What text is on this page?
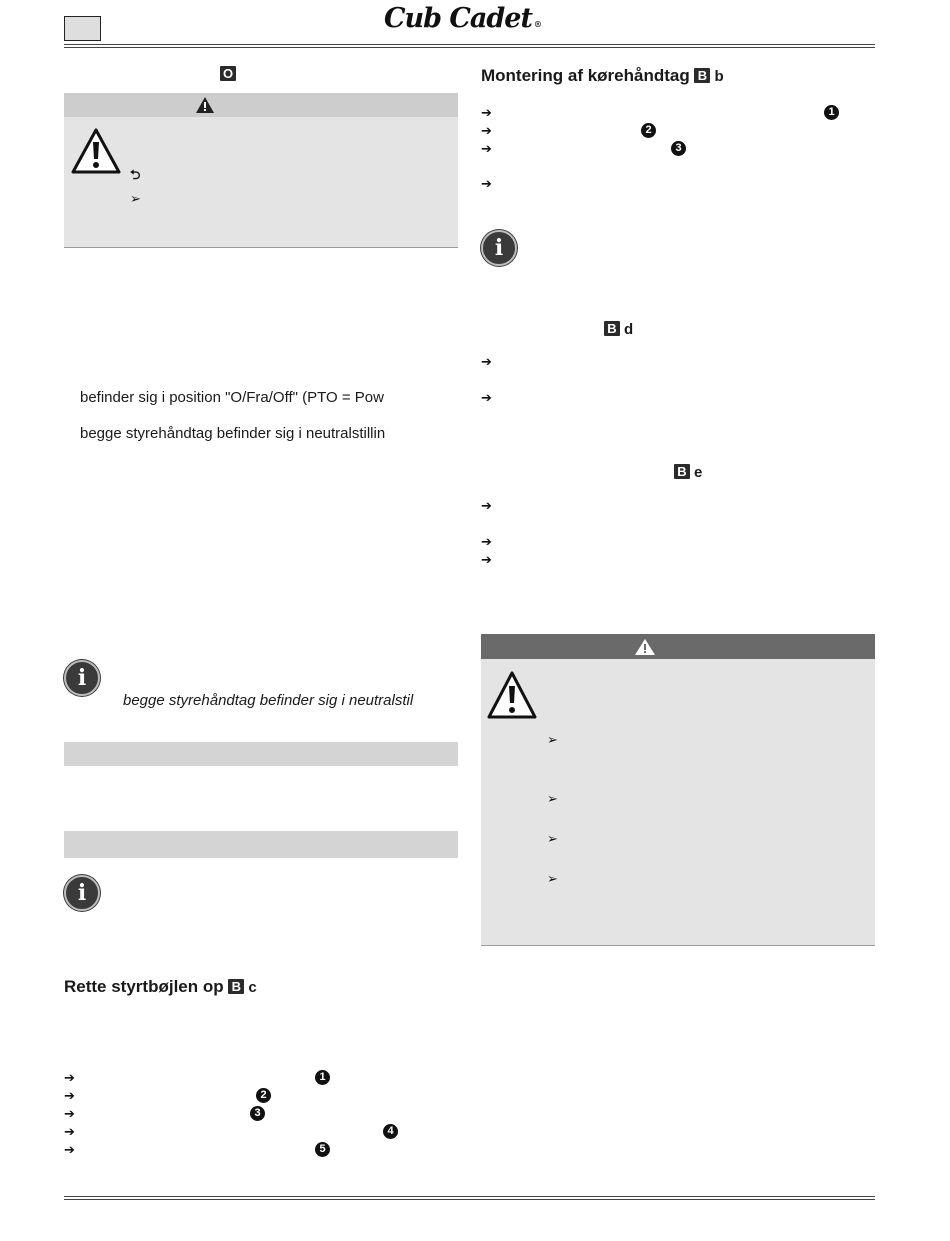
Cub Cadet ®
O
⮌
➢
befinder sig i position "O/Fra/Off" (PTO = Pow
begge styrehåndtag befinder sig i neutralstillin
i
begge styrehåndtag befinder sig i neutralstil
i
Rette styrtbøjlen op B c
➔	1
➔	2
➔	3
➔	4
➔	5
Montering af kørehåndtag B b
➔	1
➔	2
➔	3
➔
i
B d
➔
➔
B e
➔
➔
➔
➢
➢
➢
➢
